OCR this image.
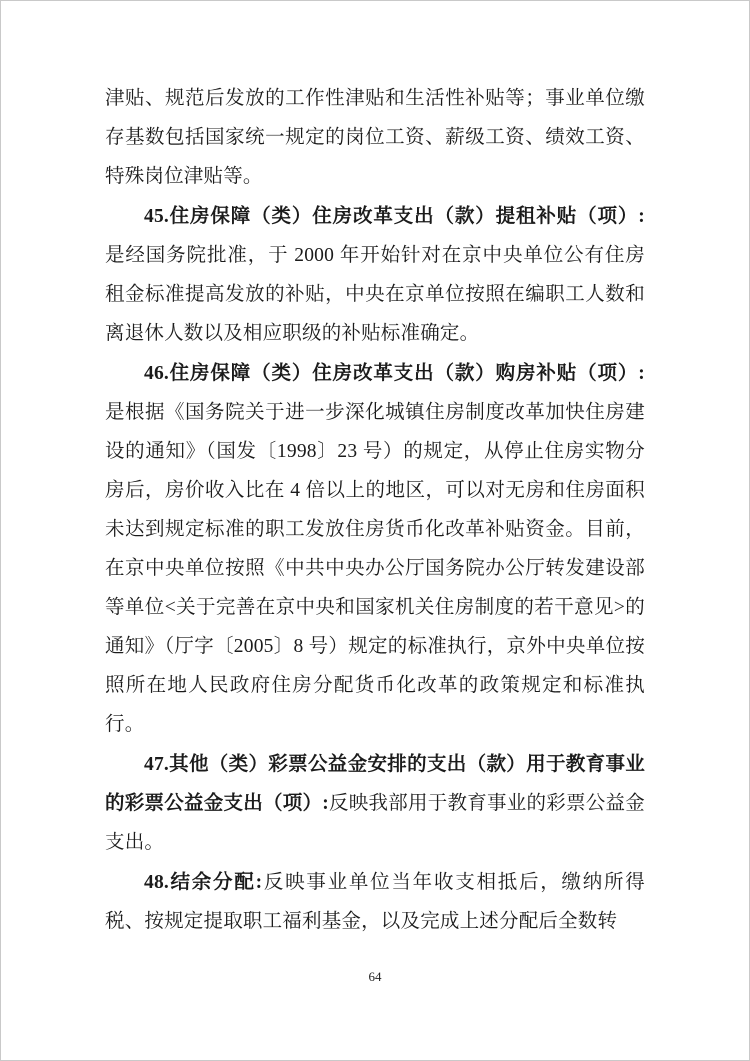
津贴、规范后发放的工作性津贴和生活性补贴等；事业单位缴存基数包括国家统一规定的岗位工资、薪级工资、绩效工资、特殊岗位津贴等。

45.住房保障（类）住房改革支出（款）提租补贴（项）:是经国务院批准，于 2000 年开始针对在京中央单位公有住房租金标准提高发放的补贴，中央在京单位按照在编职工人数和离退休人数以及相应职级的补贴标准确定。

46.住房保障（类）住房改革支出（款）购房补贴（项）:是根据《国务院关于进一步深化城镇住房制度改革加快住房建设的通知》（国发〔1998〕23 号）的规定，从停止住房实物分房后，房价收入比在 4 倍以上的地区，可以对无房和住房面积未达到规定标准的职工发放住房货币化改革补贴资金。目前，在京中央单位按照《中共中央办公厅国务院办公厅转发建设部等单位<关于完善在京中央和国家机关住房制度的若干意见>的通知》（厅字〔2005〕8 号）规定的标准执行，京外中央单位按照所在地人民政府住房分配货币化改革的政策规定和标准执行。

47.其他（类）彩票公益金安排的支出（款）用于教育事业的彩票公益金支出（项）:反映我部用于教育事业的彩票公益金支出。

48.结余分配:反映事业单位当年收支相抵后，缴纳所得税、按规定提取职工福利基金，以及完成上述分配后全数转

64
